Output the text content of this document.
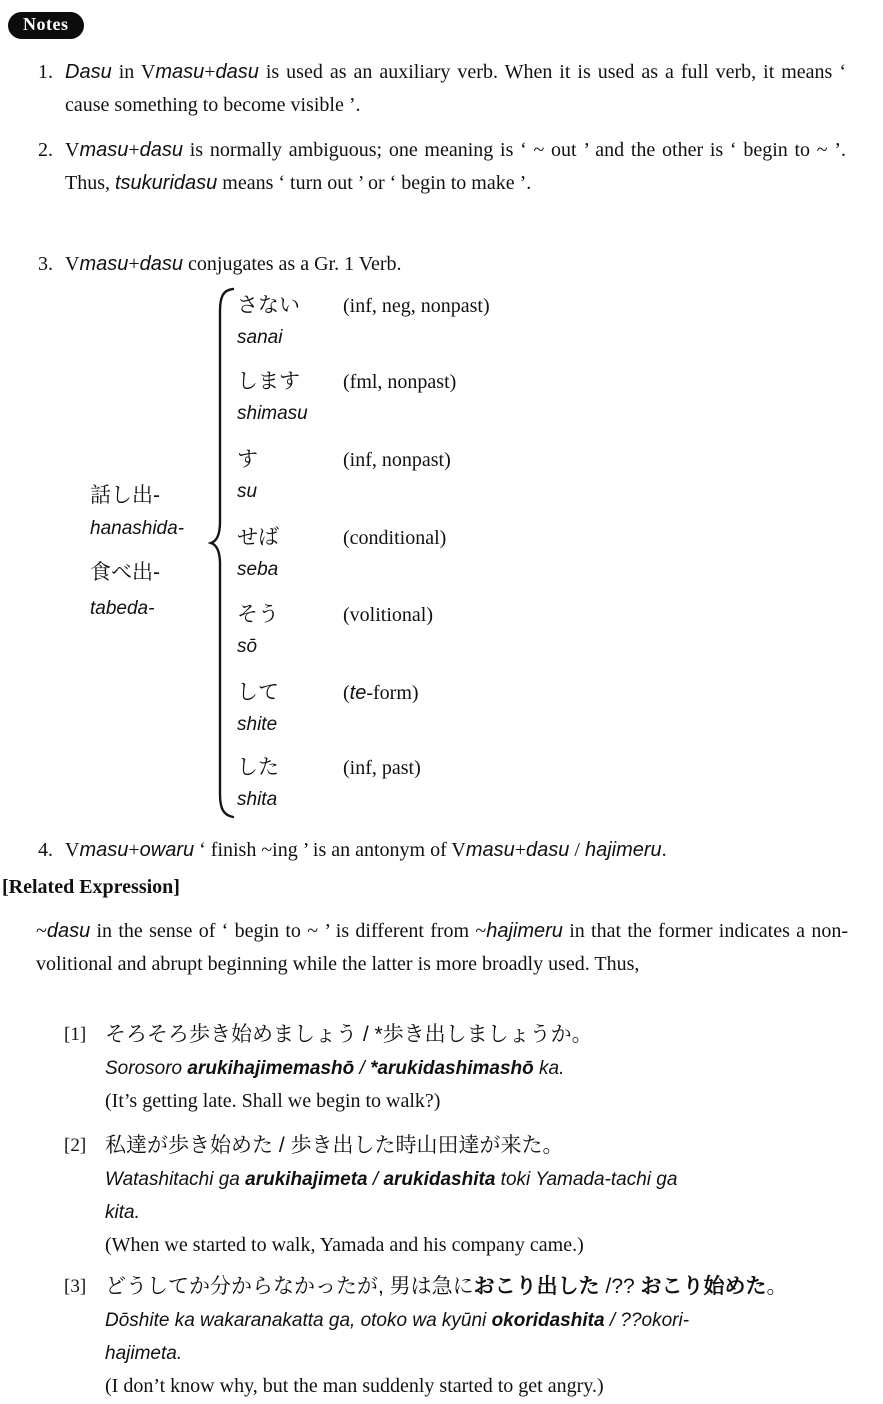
Notes
1. Dasu in Vmasu+dasu is used as an auxiliary verb. When it is used as a full verb, it means ‘ cause something to become visible ’.
2. Vmasu+dasu is normally ambiguous; one meaning is ‘ ~ out ’ and the other is ‘ begin to ~ ’. Thus, tsukuridasu means ‘ turn out ’ or ‘ begin to make ’.
3. Vmasu+dasu conjugates as a Gr. 1 Verb.
話し出-
hanashida-
食べ出-
tabeda-
さない
sanai
(inf, neg, nonpast)
します
shimasu
(fml, nonpast)
す
su
(inf, nonpast)
せば
seba
(conditional)
そう
sō
(volitional)
して
shite
(te-form)
した
shita
(inf, past)
4. Vmasu+owaru ‘ finish ~ing ’ is an antonym of Vmasu+dasu / hajimeru.
[Related Expression]
~dasu in the sense of ‘ begin to ~ ’ is different from ~hajimeru in that the former indicates a non-volitional and abrupt beginning while the latter is more broadly used. Thus,
[1] そろそろ歩き始めましょう / *歩き出しましょうか。
Sorosoro arukihajimemashō / *arukidashimashō ka.
(It’s getting late. Shall we begin to walk?)
[2] 私達が歩き始めた / 歩き出した時山田達が来た。
Watashitachi ga arukihajimeta / arukidashita toki Yamada-tachi ga
kita.
(When we started to walk, Yamada and his company came.)
[3] どうしてか分からなかったが, 男は急におこり出した /?? おこり始めた。
Dōshite ka wakaranakatta ga, otoko wa kyūni okoridashita / ??okori-
hajimeta.
(I don’t know why, but the man suddenly started to get angry.)
